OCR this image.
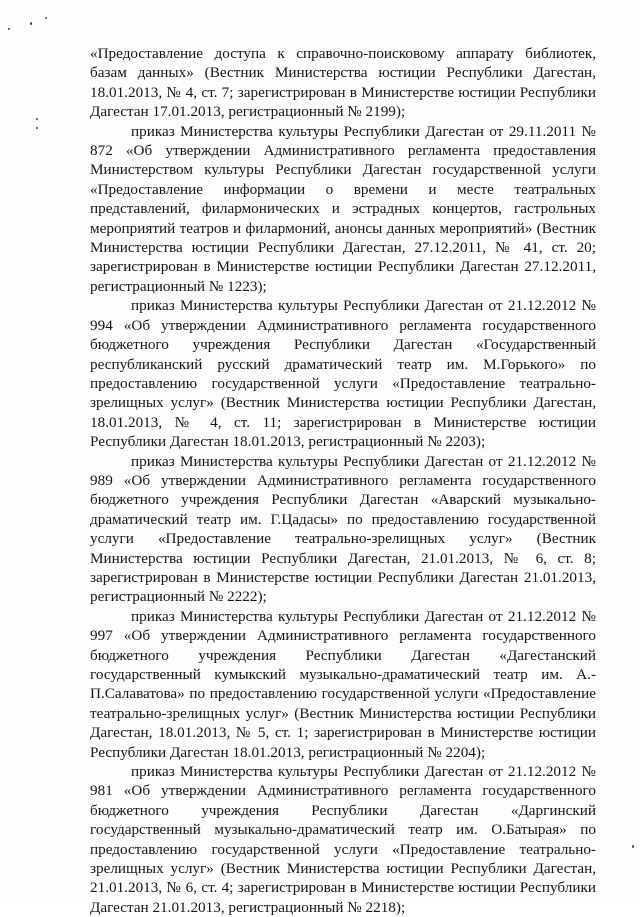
«Предоставление доступа к справочно-поисковому аппарату библиотек, базам данных» (Вестник Министерства юстиции Республики Дагестан, 18.01.2013, № 4, ст. 7; зарегистрирован в Министерстве юстиции Республики Дагестан 17.01.2013, регистрационный № 2199);

приказ Министерства культуры Республики Дагестан от 29.11.2011 № 872 «Об утверждении Административного регламента предоставления Министерством культуры Республики Дагестан государственной услуги «Предоставление информации о времени и месте театральных представлений, филармонических и эстрадных концертов, гастрольных мероприятий театров и филармоний, анонсы данных мероприятий» (Вестник Министерства юстиции Республики Дагестан, 27.12.2011, № 41, ст. 20; зарегистрирован в Министерстве юстиции Республики Дагестан 27.12.2011, регистрационный № 1223);

приказ Министерства культуры Республики Дагестан от 21.12.2012 № 994 «Об утверждении Административного регламента государственного бюджетного учреждения Республики Дагестан «Государственный республиканский русский драматический театр им. М.Горького» по предоставлению государственной услуги «Предоставление театрально-зрелищных услуг» (Вестник Министерства юстиции Республики Дагестан, 18.01.2013, № 4, ст. 11; зарегистрирован в Министерстве юстиции Республики Дагестан 18.01.2013, регистрационный № 2203);

приказ Министерства культуры Республики Дагестан от 21.12.2012 № 989 «Об утверждении Административного регламента государственного бюджетного учреждения Республики Дагестан «Аварский музыкально-драматический театр им. Г.Цадасы» по предоставлению государственной услуги «Предоставление театрально-зрелищных услуг» (Вестник Министерства юстиции Республики Дагестан, 21.01.2013, № 6, ст. 8; зарегистрирован в Министерстве юстиции Республики Дагестан 21.01.2013, регистрационный № 2222);

приказ Министерства культуры Республики Дагестан от 21.12.2012 № 997 «Об утверждении Административного регламента государственного бюджетного учреждения Республики Дагестан «Дагестанский государственный кумыкский музыкально-драматический театр им. А.-П.Салаватова» по предоставлению государственной услуги «Предоставление театрально-зрелищных услуг» (Вестник Министерства юстиции Республики Дагестан, 18.01.2013, № 5, ст. 1; зарегистрирован в Министерстве юстиции Республики Дагестан 18.01.2013, регистрационный № 2204);

приказ Министерства культуры Республики Дагестан от 21.12.2012 № 981 «Об утверждении Административного регламента государственного бюджетного учреждения Республики Дагестан «Даргинский государственный музыкально-драматический театр им. О.Батырая» по предоставлению государственной услуги «Предоставление театрально-зрелищных услуг» (Вестник Министерства юстиции Республики Дагестан, 21.01.2013, № 6, ст. 4; зарегистрирован в Министерстве юстиции Республики Дагестан 21.01.2013, регистрационный № 2218);
